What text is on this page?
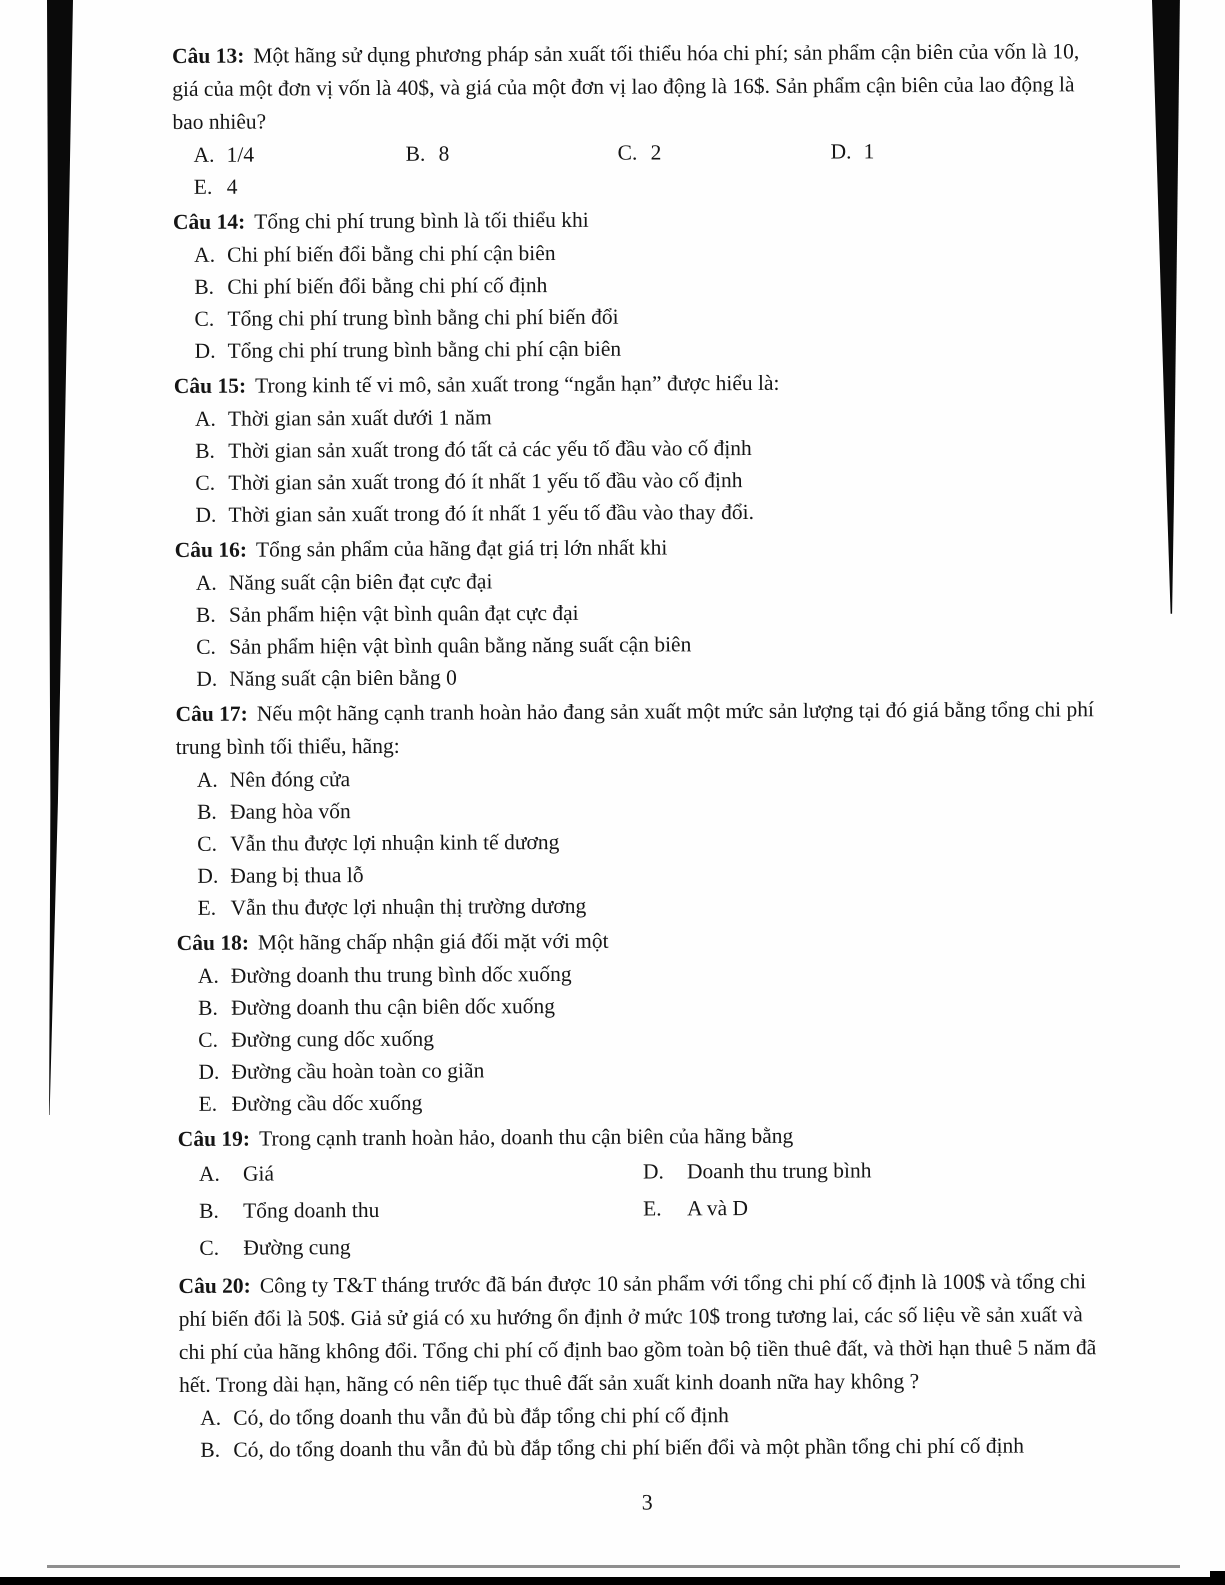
Câu 13: Một hãng sử dụng phương pháp sản xuất tối thiểu hóa chi phí; sản phẩm cận biên của vốn là 10, giá của một đơn vị vốn là 40$, và giá của một đơn vị lao động là 16$. Sản phẩm cận biên của lao động là bao nhiêu?

A. 1/4	B. 8	C. 2	D. 1
E. 4

Câu 14: Tổng chi phí trung bình là tối thiểu khi

A. Chi phí biến đổi bằng chi phí cận biên
B. Chi phí biến đổi bằng chi phí cố định
C. Tổng chi phí trung bình bằng chi phí biến đổi
D. Tổng chi phí trung bình bằng chi phí cận biên

Câu 15: Trong kinh tế vi mô, sản xuất trong “ngắn hạn” được hiểu là:

A. Thời gian sản xuất dưới 1 năm
B. Thời gian sản xuất trong đó tất cả các yếu tố đầu vào cố định
C. Thời gian sản xuất trong đó ít nhất 1 yếu tố đầu vào cố định
D. Thời gian sản xuất trong đó ít nhất 1 yếu tố đầu vào thay đổi.

Câu 16: Tổng sản phẩm của hãng đạt giá trị lớn nhất khi

A. Năng suất cận biên đạt cực đại
B. Sản phẩm hiện vật bình quân đạt cực đại
C. Sản phẩm hiện vật bình quân bằng năng suất cận biên
D. Năng suất cận biên bằng 0

Câu 17: Nếu một hãng cạnh tranh hoàn hảo đang sản xuất một mức sản lượng tại đó giá bằng tổng chi phí trung bình tối thiểu, hãng:

A. Nên đóng cửa
B. Đang hòa vốn
C. Vẫn thu được lợi nhuận kinh tế dương
D. Đang bị thua lỗ
E. Vẫn thu được lợi nhuận thị trường dương

Câu 18: Một hãng chấp nhận giá đối mặt với một

A. Đường doanh thu trung bình dốc xuống
B. Đường doanh thu cận biên dốc xuống
C. Đường cung dốc xuống
D. Đường cầu hoàn toàn co giãn
E. Đường cầu dốc xuống

Câu 19: Trong cạnh tranh hoàn hảo, doanh thu cận biên của hãng bằng

A. Giá	D. Doanh thu trung bình
B. Tổng doanh thu	E. A và D
C. Đường cung

Câu 20: Công ty T&T tháng trước đã bán được 10 sản phẩm với tổng chi phí cố định là 100$ và tổng chi phí biến đổi là 50$. Giả sử giá có xu hướng ổn định ở mức 10$ trong tương lai, các số liệu về sản xuất và chi phí của hãng không đổi. Tổng chi phí cố định bao gồm toàn bộ tiền thuê đất, và thời hạn thuê 5 năm đã hết. Trong dài hạn, hãng có nên tiếp tục thuê đất sản xuất kinh doanh nữa hay không ?

A. Có, do tổng doanh thu vẫn đủ bù đắp tổng chi phí cố định
B. Có, do tổng doanh thu vẫn đủ bù đắp tổng chi phí biến đổi và một phần tổng chi phí cố định
3
